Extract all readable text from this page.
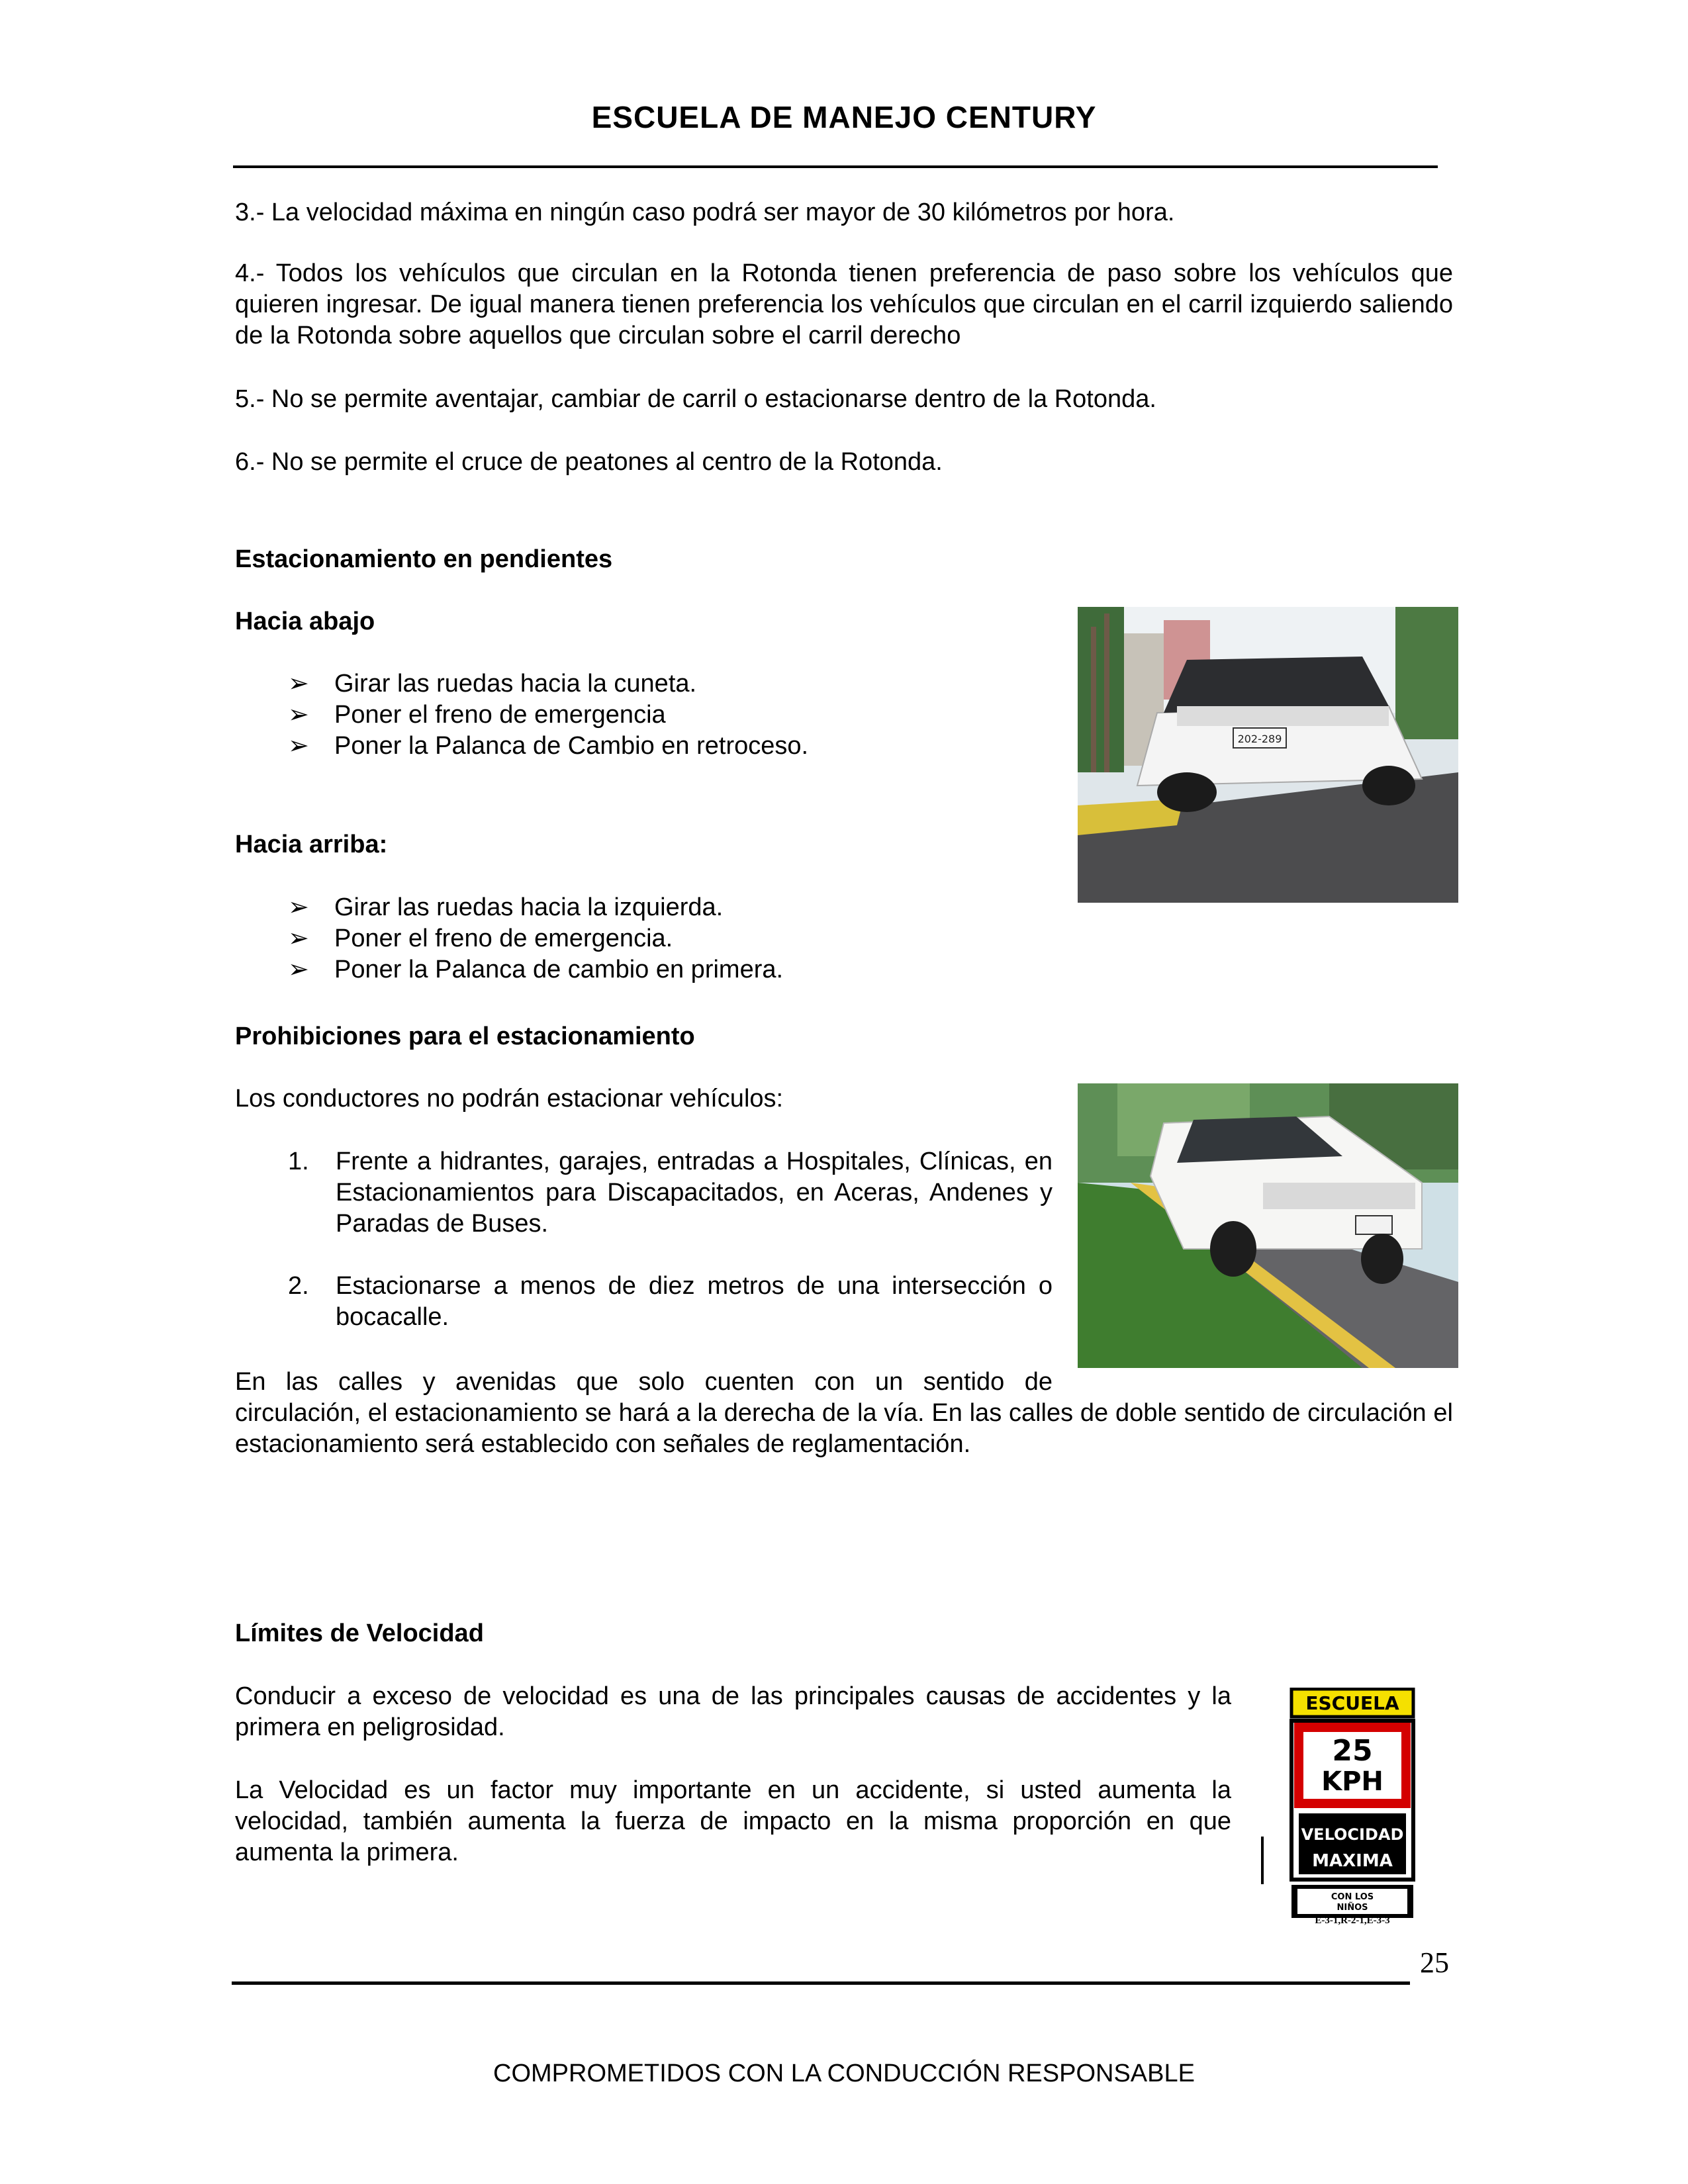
ESCUELA DE MANEJO CENTURY
3.- La velocidad máxima en ningún caso podrá ser mayor de 30 kilómetros por hora.
4.- Todos los vehículos que circulan en la Rotonda tienen preferencia de paso sobre los vehículos que quieren ingresar. De igual manera tienen preferencia los vehículos que circulan en el carril izquierdo saliendo de la Rotonda sobre aquellos que circulan sobre el carril derecho
5.- No se permite aventajar, cambiar de carril o estacionarse dentro de la Rotonda.
6.- No se permite el cruce de peatones al centro de la Rotonda.
Estacionamiento en pendientes
Hacia abajo
➢ Girar las ruedas hacia la cuneta.
➢ Poner el freno de emergencia
➢ Poner la Palanca de Cambio en retroceso.
Hacia arriba:
➢ Girar las ruedas hacia la izquierda.
➢ Poner el freno de emergencia.
➢ Poner la Palanca de cambio en primera.
202-289
Prohibiciones para el estacionamiento
Los conductores no podrán estacionar vehículos:
1. Frente a hidrantes, garajes, entradas a Hospitales, Clínicas, en Estacionamientos para Discapacitados, en Aceras, Andenes y Paradas de Buses.
2. Estacionarse a menos de diez metros de una intersección o bocacalle.
En las calles y avenidas que solo cuenten con un sentido de
circulación, el estacionamiento se hará a la derecha de la vía. En las calles de doble sentido de circulación el estacionamiento será establecido con señales de reglamentación.
Límites de Velocidad
Conducir a exceso de velocidad es una de las principales causas de accidentes y la primera en peligrosidad.
La Velocidad es un factor muy importante en un accidente, si usted aumenta la velocidad, también aumenta la fuerza de impacto en la misma proporción en que aumenta la primera.
ESCUELA
25
KPH
VELOCIDAD
MAXIMA
CON LOS
NIÑOS
E-3-1,R-2-1,E-3-3
25
COMPROMETIDOS CON LA CONDUCCIÓN RESPONSABLE
